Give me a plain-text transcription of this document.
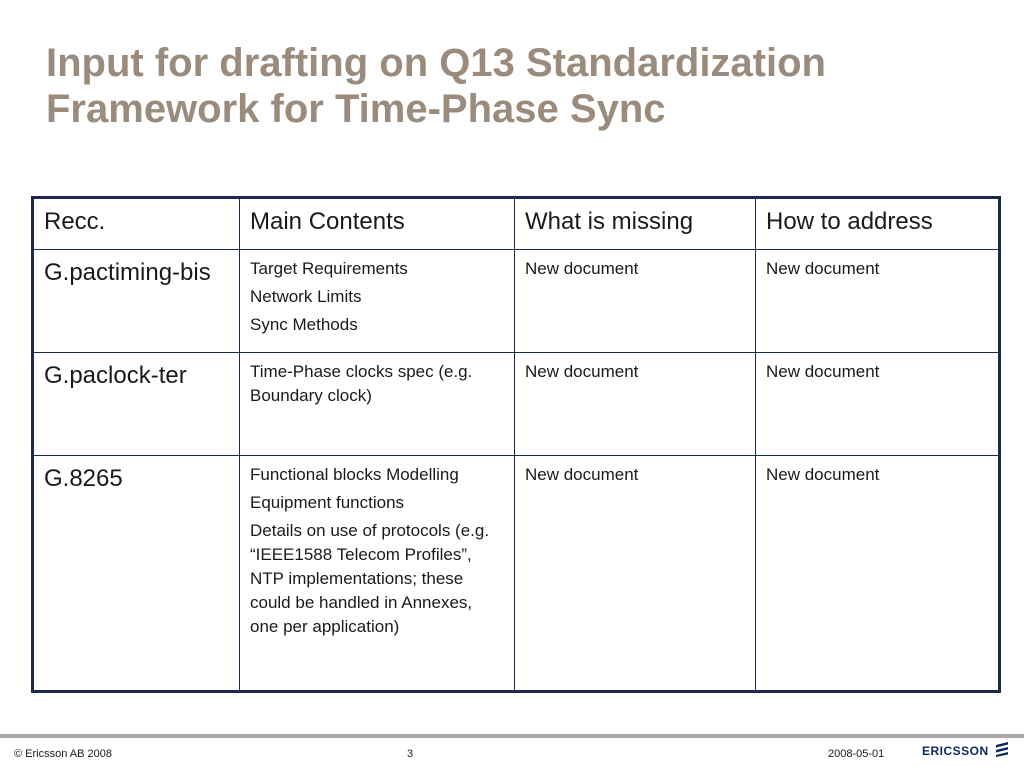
Input for drafting on Q13 Standardization
Framework for Time-Phase Sync
Recc.	Main Contents	What is missing	How to address

G.pactiming-bis	Target Requirements
Network Limits
Sync Methods	New document	New document

G.paclock-ter	Time-Phase clocks spec (e.g. Boundary clock)	New document	New document

G.8265	Functional blocks Modelling
Equipment functions
Details on use of protocols (e.g. “IEEE1588 Telecom Profiles”, NTP implementations; these could be handled in Annexes, one per application)	New document	New document
© Ericsson AB 2008	3	2008-05-01	ERICSSON
